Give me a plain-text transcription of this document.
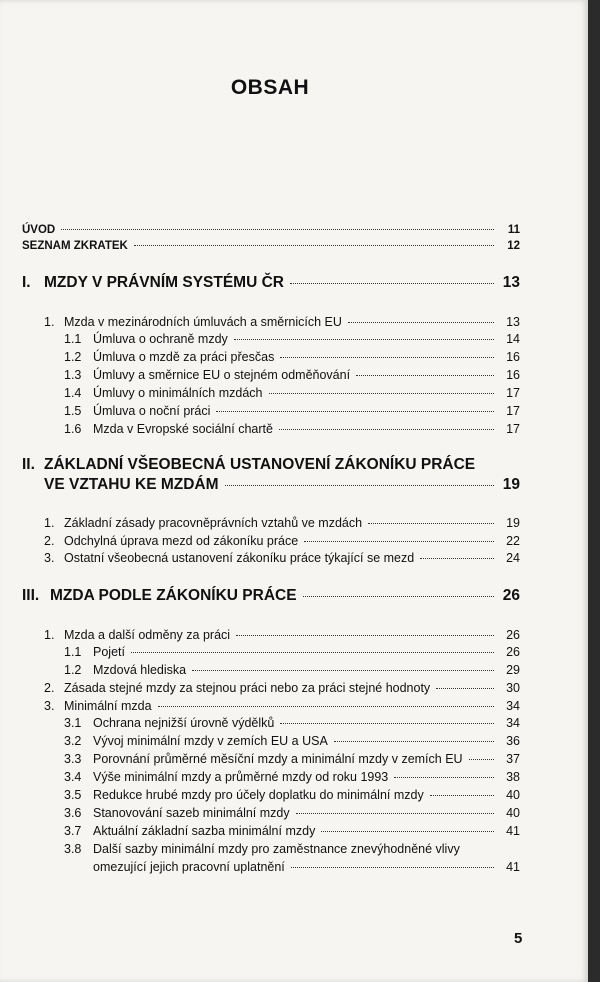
OBSAH
ÚVOD	11
SEZNAM ZKRATEK	12
I. MZDY V PRÁVNÍM SYSTÉMU ČR	13
1. Mzda v mezinárodních úmluvách a směrnicích EU	13
1.1 Úmluva o ochraně mzdy	14
1.2 Úmluva o mzdě za práci přesčas	16
1.3 Úmluvy a směrnice EU o stejném odměňování	16
1.4 Úmluvy o minimálních mzdách	17
1.5 Úmluva o noční práci	17
1.6 Mzda v Evropské sociální chartě	17
II. ZÁKLADNÍ VŠEOBECNÁ USTANOVENÍ ZÁKONÍKU PRÁCE
VE VZTAHU KE MZDÁM	19
1. Základní zásady pracovněprávních vztahů ve mzdách	19
2. Odchylná úprava mezd od zákoníku práce	22
3. Ostatní všeobecná ustanovení zákoníku práce týkající se mezd	24
III. MZDA PODLE ZÁKONÍKU PRÁCE	26
1. Mzda a další odměny za práci	26
1.1 Pojetí	26
1.2 Mzdová hlediska	29
2. Zásada stejné mzdy za stejnou práci nebo za práci stejné hodnoty	30
3. Minimální mzda	34
3.1 Ochrana nejnižší úrovně výdělků	34
3.2 Vývoj minimální mzdy v zemích EU a USA	36
3.3 Porovnání průměrné měsíční mzdy a minimální mzdy v zemích EU	37
3.4 Výše minimální mzdy a průměrné mzdy od roku 1993	38
3.5 Redukce hrubé mzdy pro účely doplatku do minimální mzdy	40
3.6 Stanovování sazeb minimální mzdy	40
3.7 Aktuální základní sazba minimální mzdy	41
3.8 Další sazby minimální mzdy pro zaměstnance znevýhodněné vlivy
omezující jejich pracovní uplatnění	41
5
